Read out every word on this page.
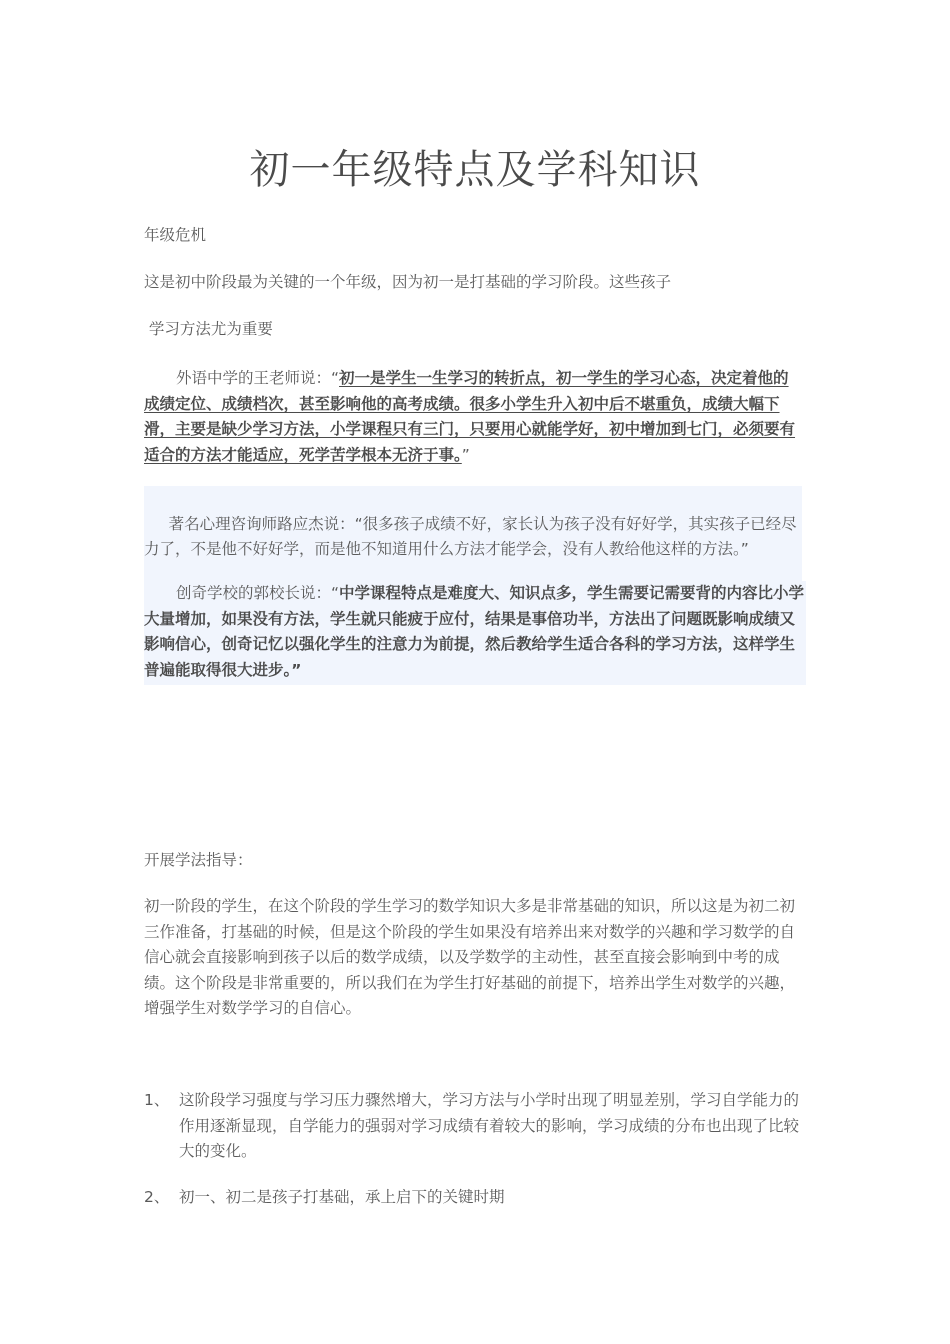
初一年级特点及学科知识
年级危机
这是初中阶段最为关键的一个年级，因为初一是打基础的学习阶段。这些孩子
学习方法尤为重要
外语中学的王老师说：“初一是学生一生学习的转折点，初一学生的学习心态，决定着他的成绩定位、成绩档次，甚至影响他的高考成绩。很多小学生升入初中后不堪重负，成绩大幅下滑，主要是缺少学习方法，小学课程只有三门，只要用心就能学好，初中增加到七门，必须要有适合的方法才能适应，死学苦学根本无济于事。”

著名心理咨询师路应杰说：“很多孩子成绩不好，家长认为孩子没有好好学，其实孩子已经尽力了，不是他不好好学，而是他不知道用什么方法才能学会，没有人教给他这样的方法。”

创奇学校的郭校长说：“中学课程特点是难度大、知识点多，学生需要记需要背的内容比小学大量增加，如果没有方法，学生就只能疲于应付，结果是事倍功半，方法出了问题既影响成绩又影响信心，创奇记忆以强化学生的注意力为前提，然后教给学生适合各科的学习方法，这样学生普遍能取得很大进步。”
开展学法指导：
初一阶段的学生，在这个阶段的学生学习的数学知识大多是非常基础的知识，所以这是为初二初三作准备，打基础的时候，但是这个阶段的学生如果没有培养出来对数学的兴趣和学习数学的自信心就会直接影响到孩子以后的数学成绩，以及学数学的主动性，甚至直接会影响到中考的成绩。这个阶段是非常重要的，所以我们在为学生打好基础的前提下，培养出学生对数学的兴趣，增强学生对数学学习的自信心。
1、 这阶段学习强度与学习压力骤然增大，学习方法与小学时出现了明显差别，学习自学能力的作用逐渐显现，自学能力的强弱对学习成绩有着较大的影响，学习成绩的分布也出现了比较大的变化。
2、 初一、初二是孩子打基础，承上启下的关键时期
